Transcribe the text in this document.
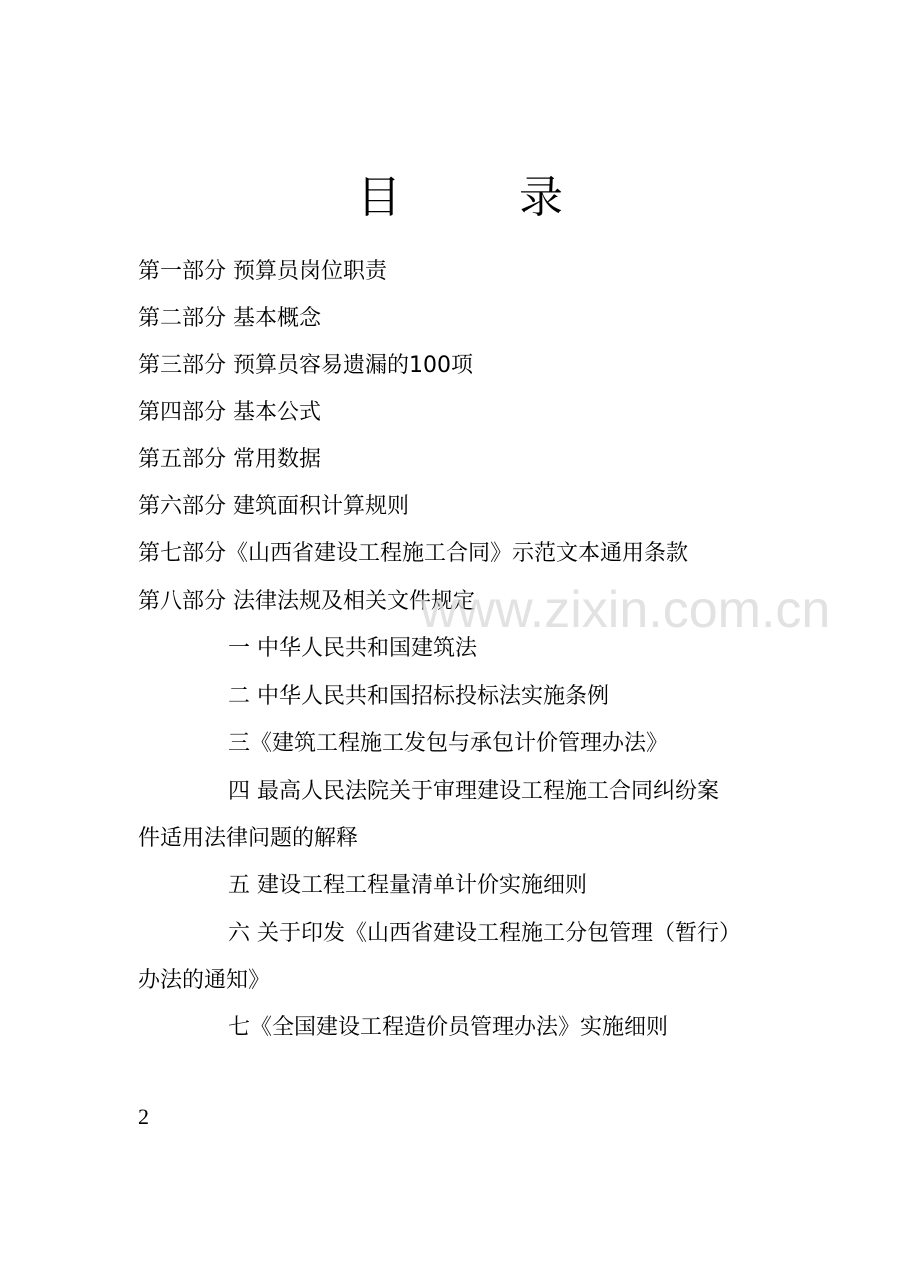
目 录
第一部分 预算员岗位职责
第二部分 基本概念
第三部分 预算员容易遗漏的100项
第四部分 基本公式
第五部分 常用数据
第六部分 建筑面积计算规则
第七部分《山西省建设工程施工合同》示范文本通用条款
第八部分 法律法规及相关文件规定
一 中华人民共和国建筑法
二 中华人民共和国招标投标法实施条例
三《建筑工程施工发包与承包计价管理办法》
四 最高人民法院关于审理建设工程施工合同纠纷案
件适用法律问题的解释
五 建设工程工程量清单计价实施细则
六 关于印发《山西省建设工程施工分包管理（暂行）
办法的通知》
七《全国建设工程造价员管理办法》实施细则
www.zixin.com.cn
2
